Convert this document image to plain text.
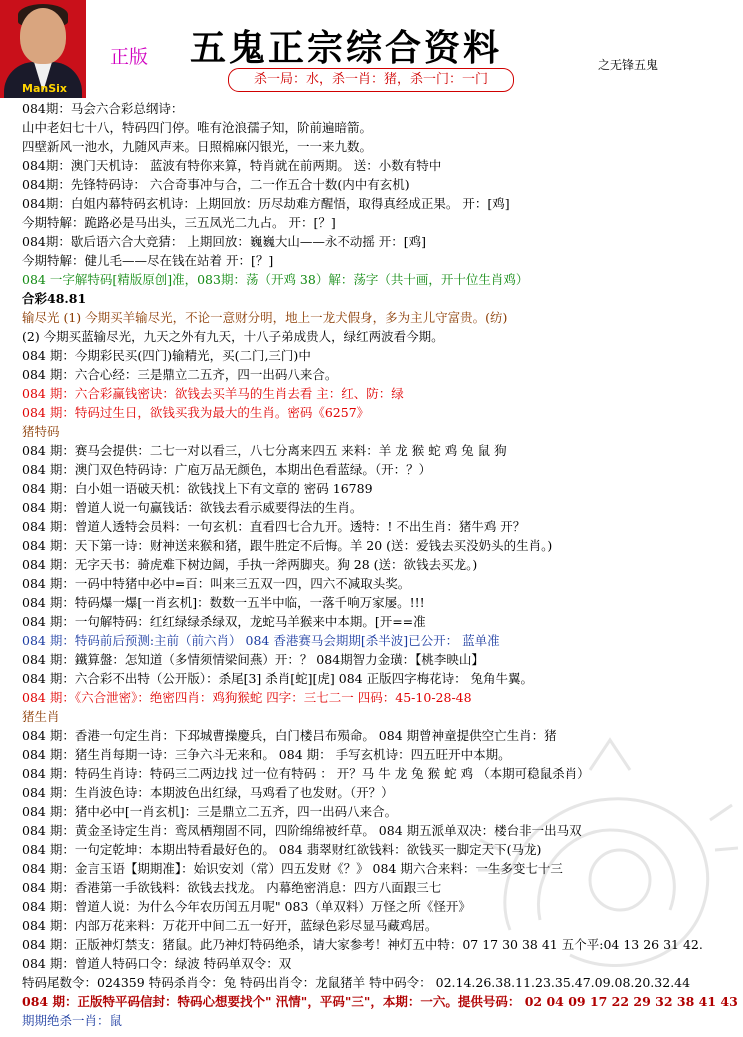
ManSix
正版 五鬼正宗综合资料	之无锋五鬼
杀一局：水，杀一肖：猪，杀一门：一门
084期：马会六合彩总纲诗：
山中老妇七十八，特码四门停。唯有沧浪孺子知，阶前遍暗箭。
四壁新风一池水，九随风声来。日照棉麻闪银光，一一来九数。
084期：澳门天机诗： 蓝波有特你来算，特肖就在前两期。 送：小数有特中
084期：先锋特码诗： 六合奇事冲与合，二一作五合十数(内中有玄机)
084期：白姐内幕特码玄机诗：上期回放：历尽劫难方醒悟，取得真经成正果。 开：[鸡]
今期特解：跪路必是马出头，三五凤光二九占。 开：[？]
084期：歇后语六合大竞猜： 上期回放：巍巍大山——永不动摇 开：[鸡]
今期特解：健儿毛——尽在钱在站着 开：[？]
084 一字解特码[精版原创]准，083期：荡（开鸡 38）解：荡字（共十画，开十位生肖鸡）
合彩48.81
输尽光 (1) 今期买羊输尽光，不论一意财分明，地上一龙犬假身，多为主儿守富贵。(纺)
(2) 今期买蓝输尽光，九天之外有九天，十八子弟成贵人，绿红两波看今期。
084 期：今期彩民买(四门)输精光，买(二门,三门)中
084 期：六合心经：三是鼎立二五齐，四一出码八来合。
084 期：六合彩赢钱密诀：欲钱去买羊马的生肖去看 主：红、防：绿
084 期：特码过生日，欲钱买我为最大的生肖。密码《6257》
猪特码
084 期：赛马会提供：二七一对以看三，八七分离来四五 来料：羊 龙 猴 蛇 鸡 兔 鼠 狗
084 期：澳门双色特码诗：广庖万品无颜色，本期出色看蓝绿。（开：？）
084 期：白小姐一语破天机：欲钱找上下有文章的 密码 16789
084 期：曾道人说一句赢钱话：欲钱去看示威要得法的生肖。
084 期：曾道人透特会员料：一句玄机：直看四七合九开。透特：! 不出生肖：猪牛鸡 开？
084 期：天下第一诗：财神送来猴和猪，跟牛胜定不后悔。羊 20 (送：爱钱去买没奶头的生肖。)
084 期：无字天书：骑虎难下树边阔，手执一斧两脚夹。狗 28 (送：欲钱去买龙。)
084 期：一码中特猪中必中=百：叫来三五双一四，四六不减取头奖。
084 期：特码爆一爆[一肖玄机]：数数一五半中临，一落千响万家屡。!!!
084 期：一句解特码：红红绿绿杀绿双，龙蛇马羊猴来中本期。[开==准
084 期：特码前后预测:主前（前六肖） 084 香港赛马会期期[杀半波]已公开： 蓝单准
084 期：鐵算盤：怎知道（多情须情梁间燕）开：？ 084期智力金璜：【桃李映山】
084 期：六合彩不出特（公开版）：杀尾[3] 杀肖[蛇][虎] 084 正版四字梅花诗： 兔角牛翼。
084 期：《六合泄密》：绝密四肖：鸡狗猴蛇 四字：三七二一 四码：45-10-28-48
猪生肖
084 期：香港一句定生肖：下邳城曹操慶兵，白门楼吕布殒命。 084 期曾神童提供空亡生肖：猪
084 期：猪生肖每期一诗：三争六斗无来和。 084 期： 手写玄机诗：四五旺开中本期。
084 期：特码生肖诗：特码三二两边找 过一位有特码 ： 开？马 牛 龙 兔 猴 蛇 鸡 （本期可稳鼠杀肖）
084 期：生肖波色诗：本期波色出红绿，马鸡看了也发财。（开？）
084 期：猪中必中[一肖玄机]：三是鼎立二五齐，四一出码八来合。
084 期：黄金圣诗定生肖：鸾凤栖翔固不同，四阶绵绵被纤草。 084 期五派单双决：楼台非一出马双
084 期：一句定乾坤：本期出特看最好色的。 084 翡翠财红欲钱料：欲钱买一脚定天下(马龙)
084 期：金言玉语【期期准】：始识安刘（常）四五发财《？》 084 期六合来料：一生多变七十三
084 期：香港第一手欲钱料：欲钱去找龙。 内幕绝密消息：四方八面跟三七
084 期：曾道人说：为什么今年农历闰五月呢" 083（单双料）万怪之所《怪开》
084 期：内部万花来料：万花开中间二五一好开，蓝绿色彩尽显马藏鸡居。
084 期：正版神灯禁支：猪鼠。此乃神灯特码绝杀，请大家参考！神灯五中特：07 17 30 38 41 五个平:04 13 26 31 42.
084 期：曾道人特码口令：绿波 特码单双令：双
特码尾数令：024359 特码杀肖令：兔 特码出肖令：龙鼠猪羊 特中码令： 02.14.26.38.11.23.35.47.09.08.20.32.44
084 期：正版特平码信封：特码心想要找个" 汛情"，平码"三"，本期：一六。提供号码： 02 04 09 17 22 29 32 38 41 43
期期绝杀一肖：鼠
